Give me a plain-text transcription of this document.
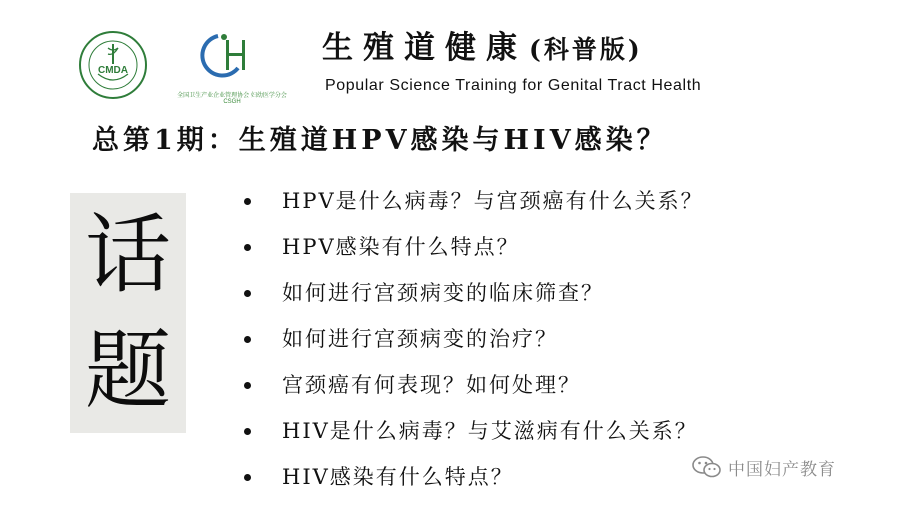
CMDA
全国卫生产业企业管理协会 妇幼医学分会 CSGH
生殖道健康(科普版)
Popular Science Training for Genital Tract Health
总第1期：生殖道HPV感染与HIV感染？
话
题
HPV是什么病毒？与宫颈癌有什么关系？
HPV感染有什么特点？
如何进行宫颈病变的临床筛查？
如何进行宫颈病变的治疗？
宫颈癌有何表现？如何处理？
HIV是什么病毒？与艾滋病有什么关系？
HIV感染有什么特点？	中国妇产教育
